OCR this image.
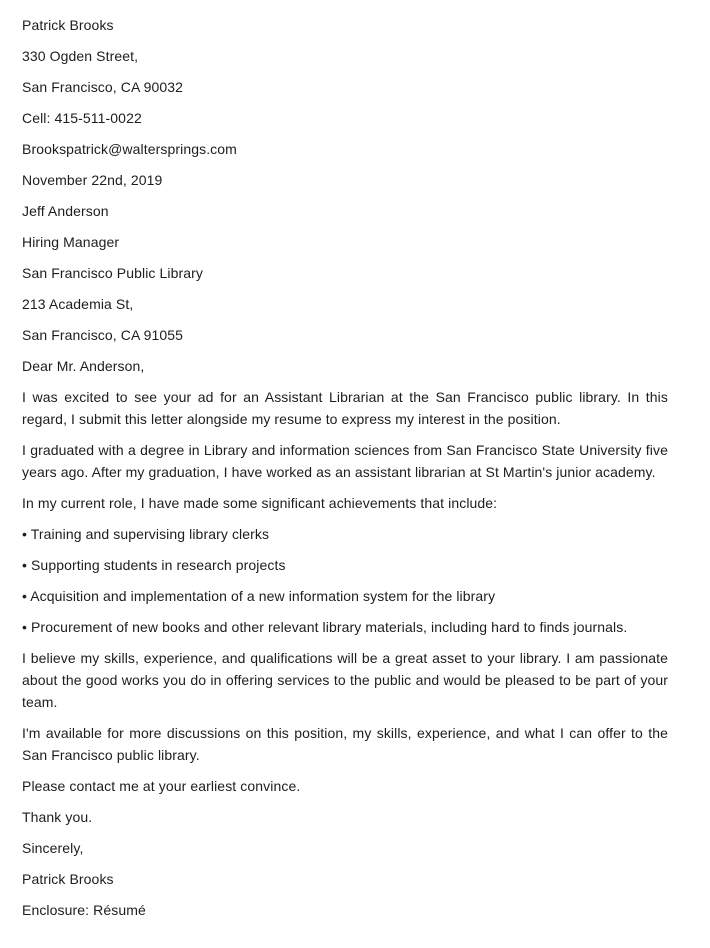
Patrick Brooks

330 Ogden Street,

San Francisco, CA 90032

Cell: 415-511-0022

Brookspatrick@waltersprings.com

November 22nd, 2019

Jeff Anderson

Hiring Manager

San Francisco Public Library

213 Academia St,

San Francisco, CA 91055

Dear Mr. Anderson,

I was excited to see your ad for an Assistant Librarian at the San Francisco public library. In this regard, I submit this letter alongside my resume to express my interest in the position.

I graduated with a degree in Library and information sciences from San Francisco State University five years ago. After my graduation, I have worked as an assistant librarian at St Martin's junior academy.

In my current role, I have made some significant achievements that include:

• Training and supervising library clerks

• Supporting students in research projects

• Acquisition and implementation of a new information system for the library

• Procurement of new books and other relevant library materials, including hard to finds journals.

I believe my skills, experience, and qualifications will be a great asset to your library. I am passionate about the good works you do in offering services to the public and would be pleased to be part of your team.

I'm available for more discussions on this position, my skills, experience, and what I can offer to the San Francisco public library.

Please contact me at your earliest convince.

Thank you.

Sincerely,

Patrick Brooks

Enclosure: Résumé
